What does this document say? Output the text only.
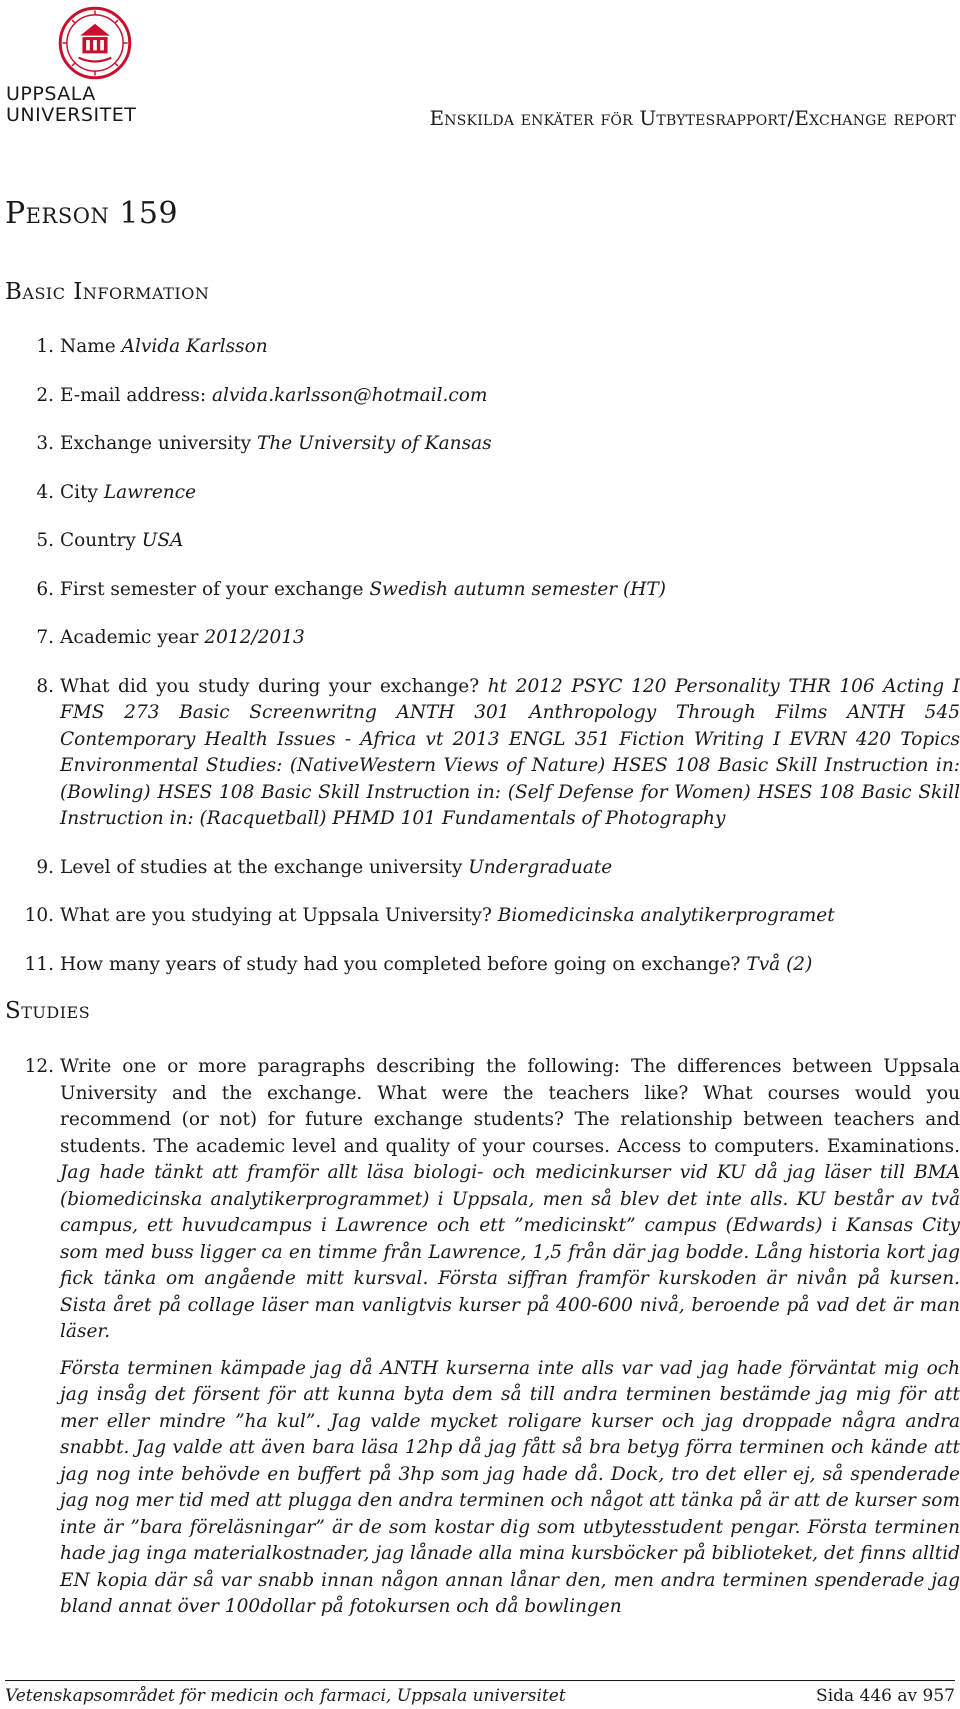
UPPSALA
UNIVERSITET	Enskilda enkäter för Utbytesrapport/Exchange report
Person 159
Basic Information
1. Name Alvida Karlsson
2. E-mail address: alvida.karlsson@hotmail.com
3. Exchange university The University of Kansas
4. City Lawrence
5. Country USA
6. First semester of your exchange Swedish autumn semester (HT)
7. Academic year 2012/2013
8. What did you study during your exchange? ht 2012 PSYC 120 Personality THR 106 Acting I FMS 273 Basic Screenwritng ANTH 301 Anthropology Through Films ANTH 545 Contemporary Health Issues - Africa vt 2013 ENGL 351 Fiction Writing I EVRN 420 Topics Environmental Studies: (NativeWestern Views of Nature) HSES 108 Basic Skill Instruction in: (Bowling) HSES 108 Basic Skill Instruction in: (Self Defense for Women) HSES 108 Basic Skill Instruction in: (Racquetball) PHMD 101 Fundamentals of Photography
9. Level of studies at the exchange university Undergraduate
10. What are you studying at Uppsala University? Biomedicinska analytikerprogramet
11. How many years of study had you completed before going on exchange? Två (2)
Studies
12. Write one or more paragraphs describing the following: The differences between Uppsala University and the exchange. What were the teachers like? What courses would you recommend (or not) for future exchange students? The relationship between teachers and students. The academic level and quality of your courses. Access to computers. Examinations. Jag hade tänkt att framför allt läsa biologi- och medicinkurser vid KU då jag läser till BMA (biomedicinska analytikerprogrammet) i Uppsala, men så blev det inte alls. KU består av två campus, ett huvudcampus i Lawrence och ett ”medicinskt” campus (Edwards) i Kansas City som med buss ligger ca en timme från Lawrence, 1,5 från där jag bodde. Lång historia kort jag fick tänka om angående mitt kursval. Första siffran framför kurskoden är nivån på kursen. Sista året på collage läser man vanligtvis kurser på 400-600 nivå, beroende på vad det är man läser.
Första terminen kämpade jag då ANTH kurserna inte alls var vad jag hade förväntat mig och jag insåg det försent för att kunna byta dem så till andra terminen bestämde jag mig för att mer eller mindre ”ha kul”. Jag valde mycket roligare kurser och jag droppade några andra snabbt. Jag valde att även bara läsa 12hp då jag fått så bra betyg förra terminen och kände att jag nog inte behövde en buffert på 3hp som jag hade då. Dock, tro det eller ej, så spenderade jag nog mer tid med att plugga den andra terminen och något att tänka på är att de kurser som inte är ”bara föreläsningar” är de som kostar dig som utbytesstudent pengar. Första terminen hade jag inga materialkostnader, jag lånade alla mina kursböcker på biblioteket, det finns alltid EN kopia där så var snabb innan någon annan lånar den, men andra terminen spenderade jag bland annat över 100dollar på fotokursen och då bowlingen
Vetenskapsområdet för medicin och farmaci, Uppsala universitet	Sida 446 av 957
